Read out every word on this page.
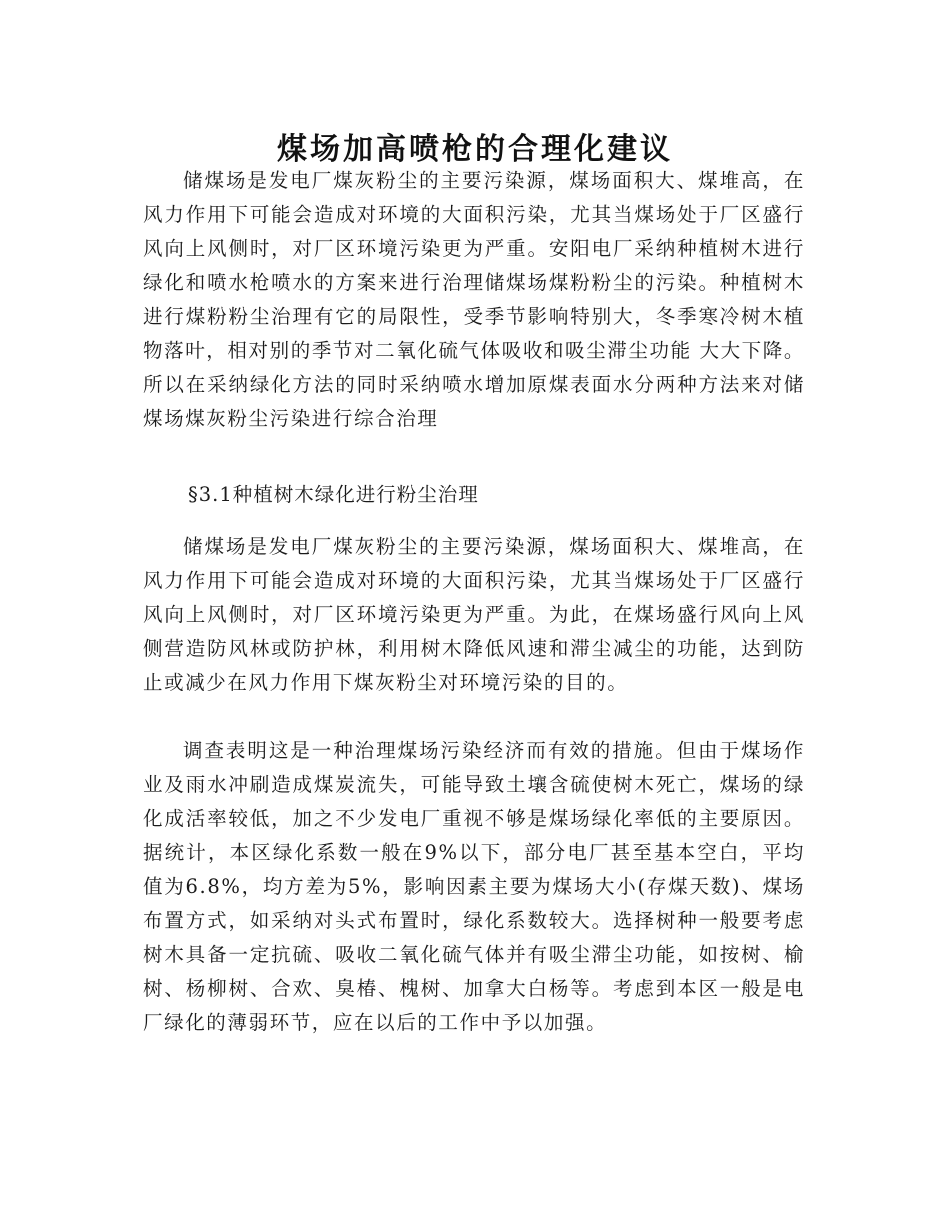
煤场加高喷枪的合理化建议

储煤场是发电厂煤灰粉尘的主要污染源，煤场面积大、煤堆高，在风力作用下可能会造成对环境的大面积污染，尤其当煤场处于厂区盛行风向上风侧时，对厂区环境污染更为严重。安阳电厂采纳种植树木进行绿化和喷水枪喷水的方案来进行治理储煤场煤粉粉尘的污染。种植树木进行煤粉粉尘治理有它的局限性，受季节影响特别大，冬季寒冷树木植物落叶，相对别的季节对二氧化硫气体吸收和吸尘滞尘功能 大大下降。所以在采纳绿化方法的同时采纳喷水增加原煤表面水分两种方法来对储煤场煤灰粉尘污染进行综合治理

§3.1种植树木绿化进行粉尘治理

储煤场是发电厂煤灰粉尘的主要污染源，煤场面积大、煤堆高，在风力作用下可能会造成对环境的大面积污染，尤其当煤场处于厂区盛行风向上风侧时，对厂区环境污染更为严重。为此，在煤场盛行风向上风侧营造防风林或防护林，利用树木降低风速和滞尘减尘的功能，达到防止或减少在风力作用下煤灰粉尘对环境污染的目的。

调查表明这是一种治理煤场污染经济而有效的措施。但由于煤场作业及雨水冲刷造成煤炭流失，可能导致土壤含硫使树木死亡，煤场的绿化成活率较低，加之不少发电厂重视不够是煤场绿化率低的主要原因。据统计，本区绿化系数一般在9%以下，部分电厂甚至基本空白，平均值为6.8%，均方差为5%，影响因素主要为煤场大小(存煤天数)、煤场布置方式，如采纳对头式布置时，绿化系数较大。选择树种一般要考虑树木具备一定抗硫、吸收二氧化硫气体并有吸尘滞尘功能，如按树、榆树、杨柳树、合欢、臭椿、槐树、加拿大白杨等。考虑到本区一般是电厂绿化的薄弱环节，应在以后的工作中予以加强。
